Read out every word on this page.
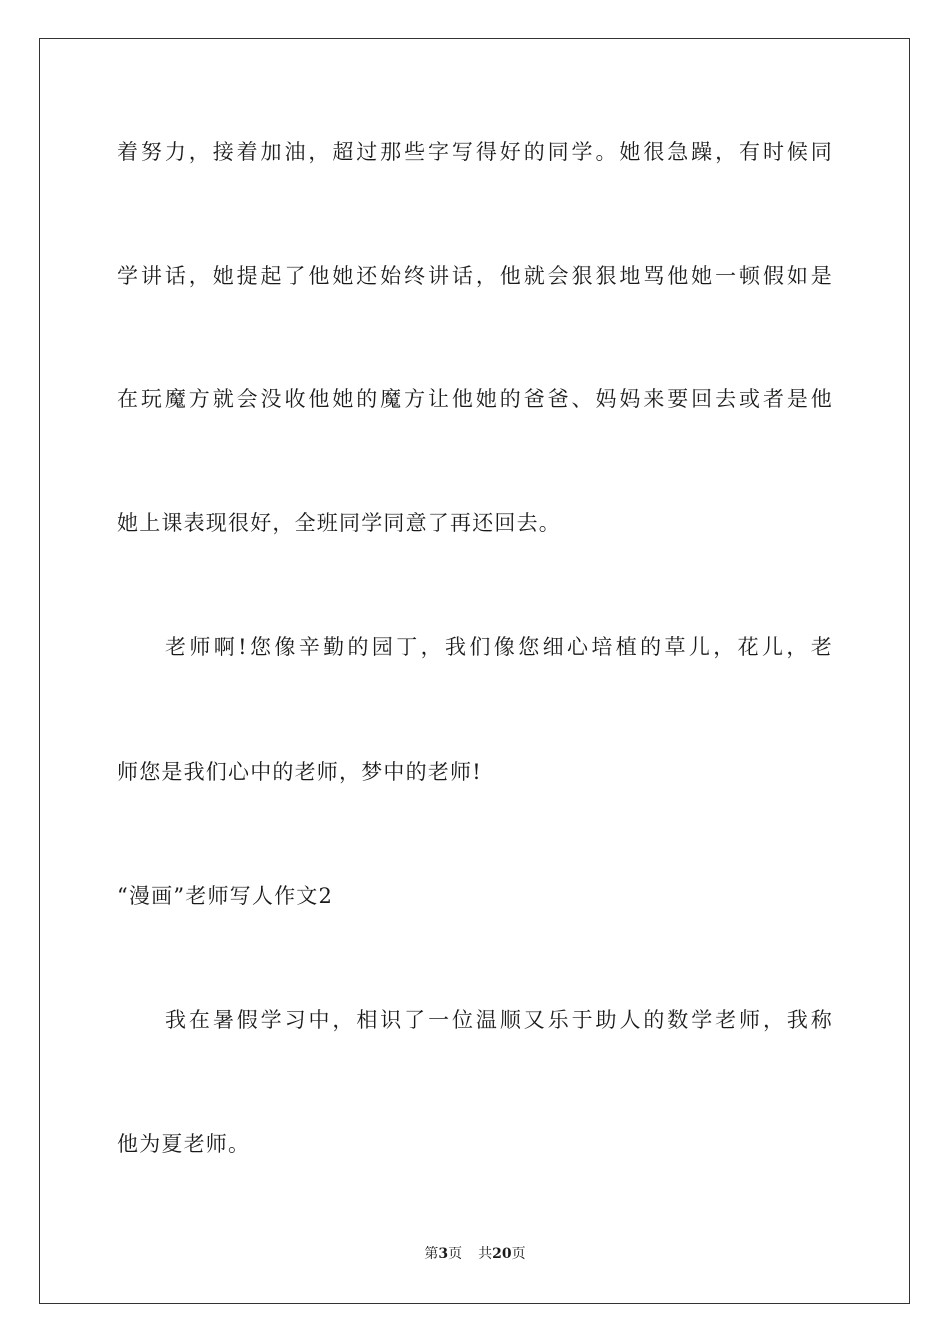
着努力，接着加油，超过那些字写得好的同学。她很急躁，有时候同
学讲话，她提起了他她还始终讲话，他就会狠狠地骂他她一顿假如是
在玩魔方就会没收他她的魔方让他她的爸爸、妈妈来要回去或者是他
她上课表现很好，全班同学同意了再还回去。
老师啊!您像辛勤的园丁，我们像您细心培植的草儿，花儿，老
师您是我们心中的老师，梦中的老师!
“漫画”老师写人作文2
我在暑假学习中，相识了一位温顺又乐于助人的数学老师，我称
他为夏老师。
第3页 共20页
